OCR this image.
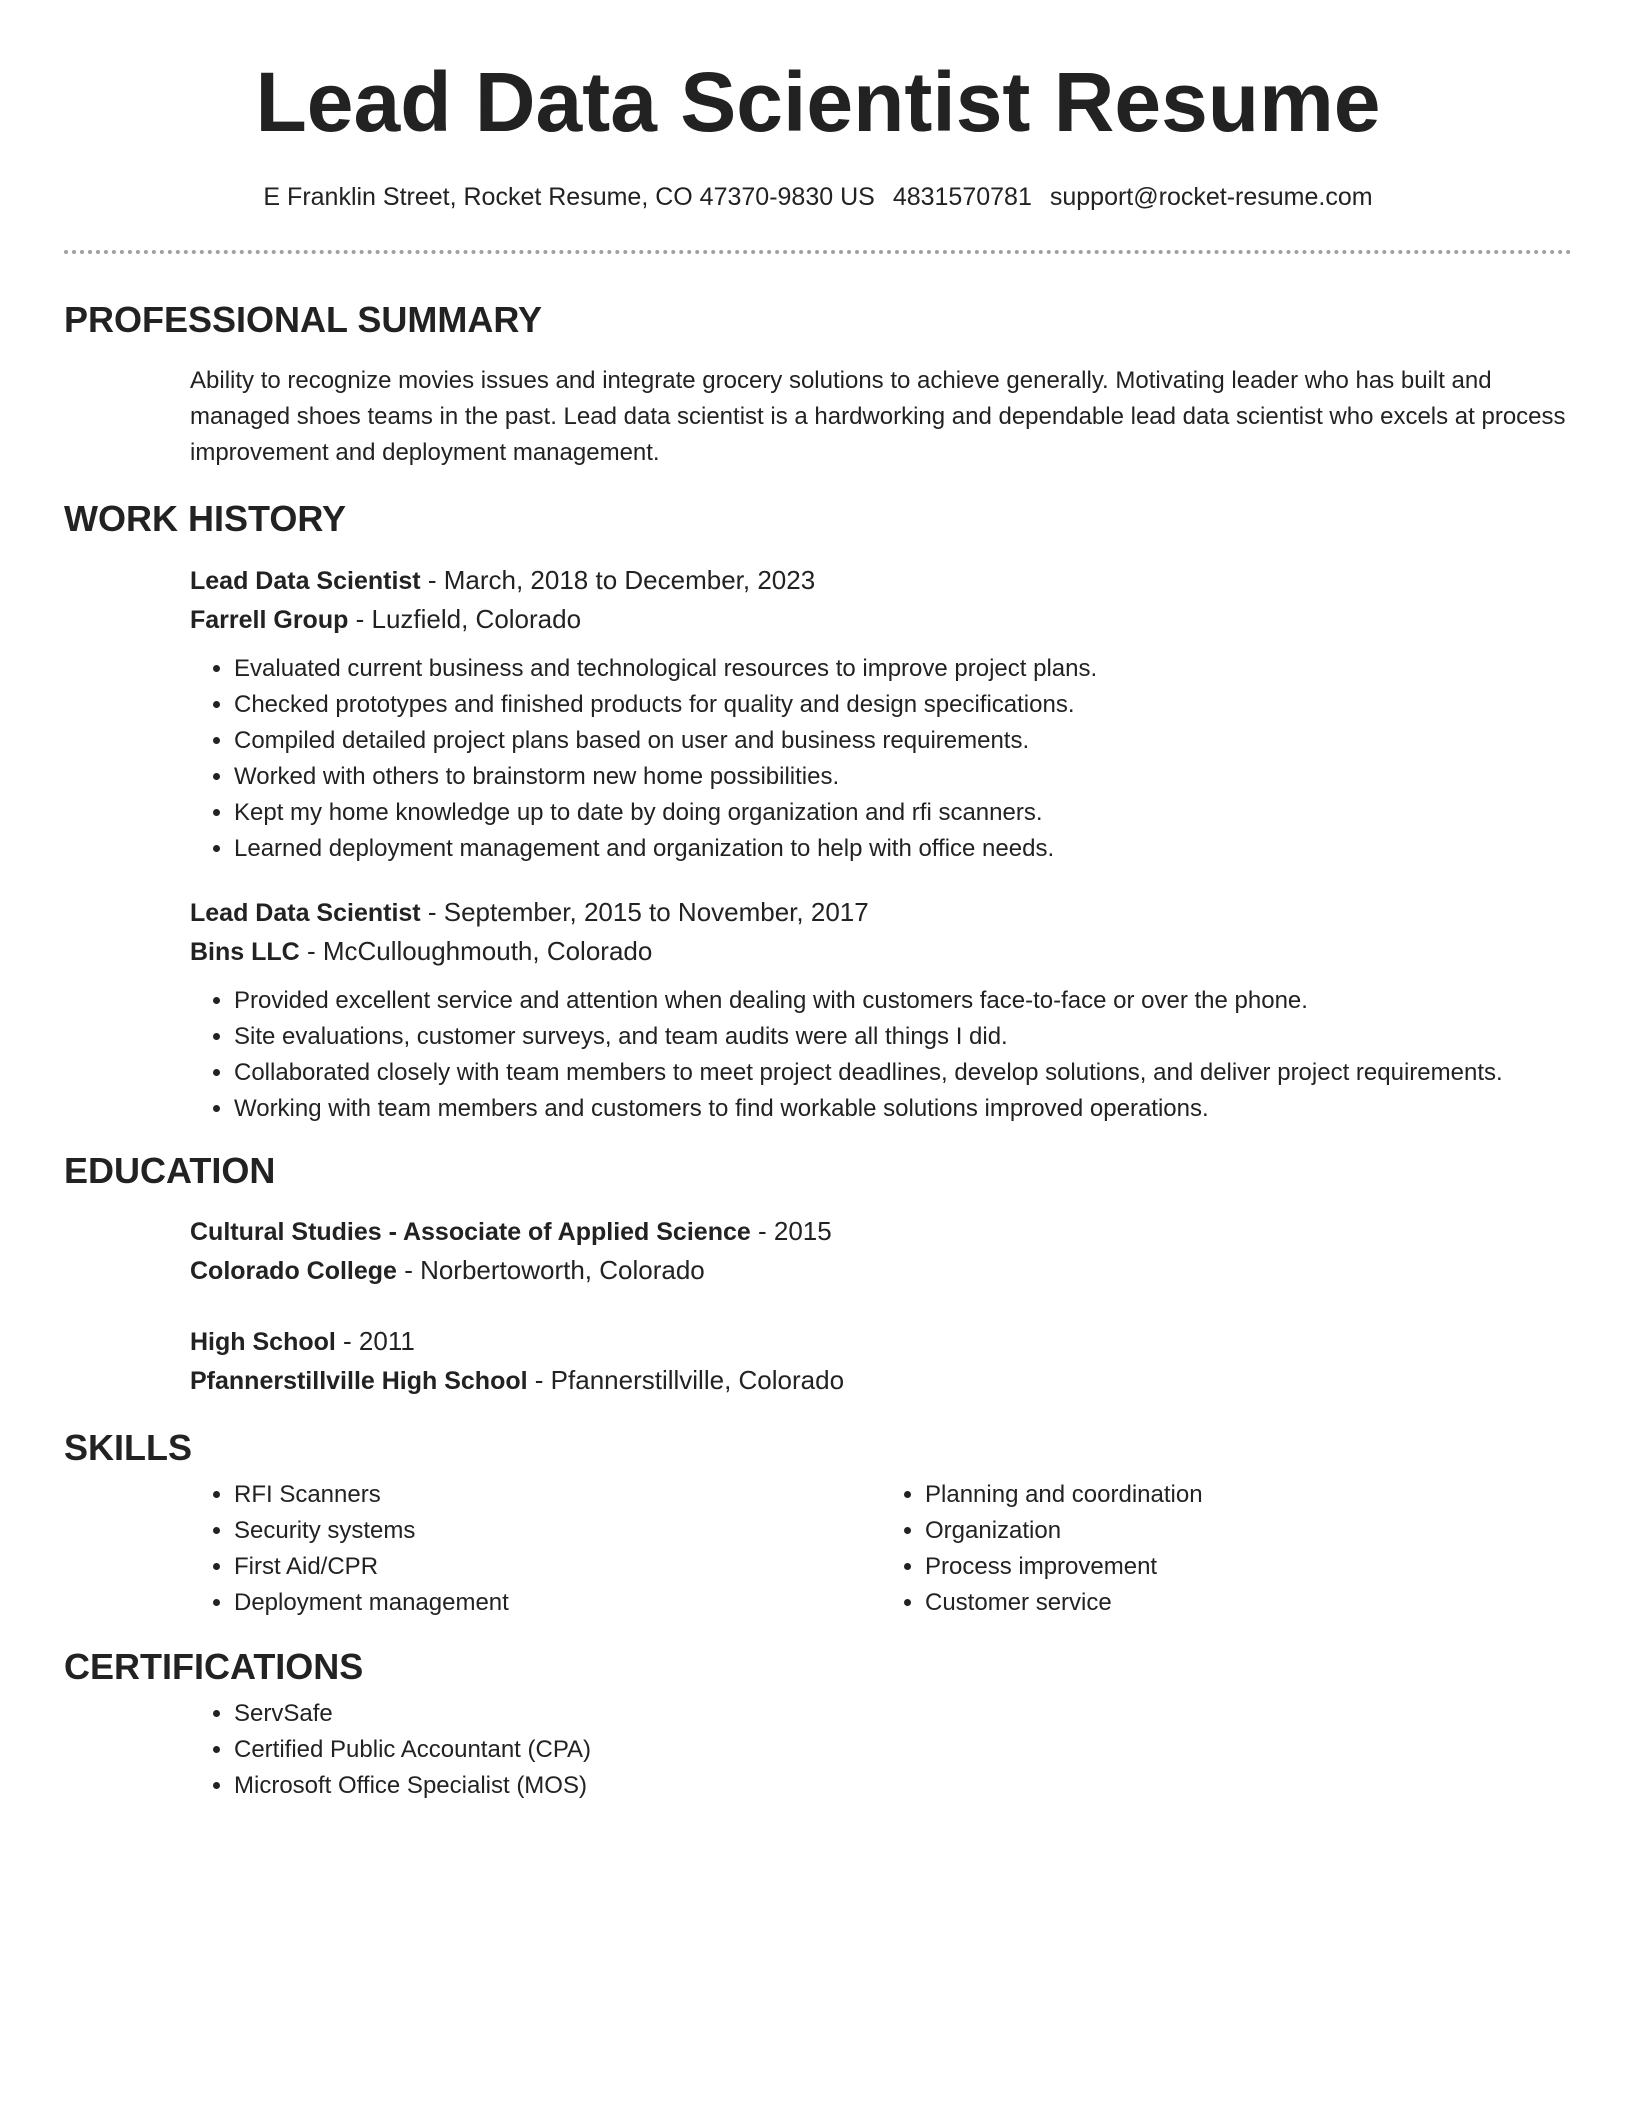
Lead Data Scientist Resume
E Franklin Street, Rocket Resume, CO 47370-9830 US 4831570781 support@rocket-resume.com
PROFESSIONAL SUMMARY

Ability to recognize movies issues and integrate grocery solutions to achieve generally. Motivating leader who has built and managed shoes teams in the past. Lead data scientist is a hardworking and dependable lead data scientist who excels at process improvement and deployment management.

WORK HISTORY

Lead Data Scientist - March, 2018 to December, 2023

Farrell Group - Luzfield, Colorado

• Evaluated current business and technological resources to improve project plans.
• Checked prototypes and finished products for quality and design specifications.
• Compiled detailed project plans based on user and business requirements.
• Worked with others to brainstorm new home possibilities.
• Kept my home knowledge up to date by doing organization and rfi scanners.
• Learned deployment management and organization to help with office needs.

Lead Data Scientist - September, 2015 to November, 2017

Bins LLC - McCulloughmouth, Colorado

• Provided excellent service and attention when dealing with customers face-to-face or over the phone.
• Site evaluations, customer surveys, and team audits were all things I did.
• Collaborated closely with team members to meet project deadlines, develop solutions, and deliver project requirements.
• Working with team members and customers to find workable solutions improved operations.
EDUCATION

Cultural Studies - Associate of Applied Science - 2015

Colorado College - Norbertoworth, Colorado

High School - 2011

Pfannerstillville High School - Pfannerstillville, Colorado

SKILLS
• RFI Scanners
• Security systems
• First Aid/CPR
• Deployment management
• Planning and coordination
• Organization
• Process improvement
• Customer service
CERTIFICATIONS
• ServSafe
• Certified Public Accountant (CPA)
• Microsoft Office Specialist (MOS)
